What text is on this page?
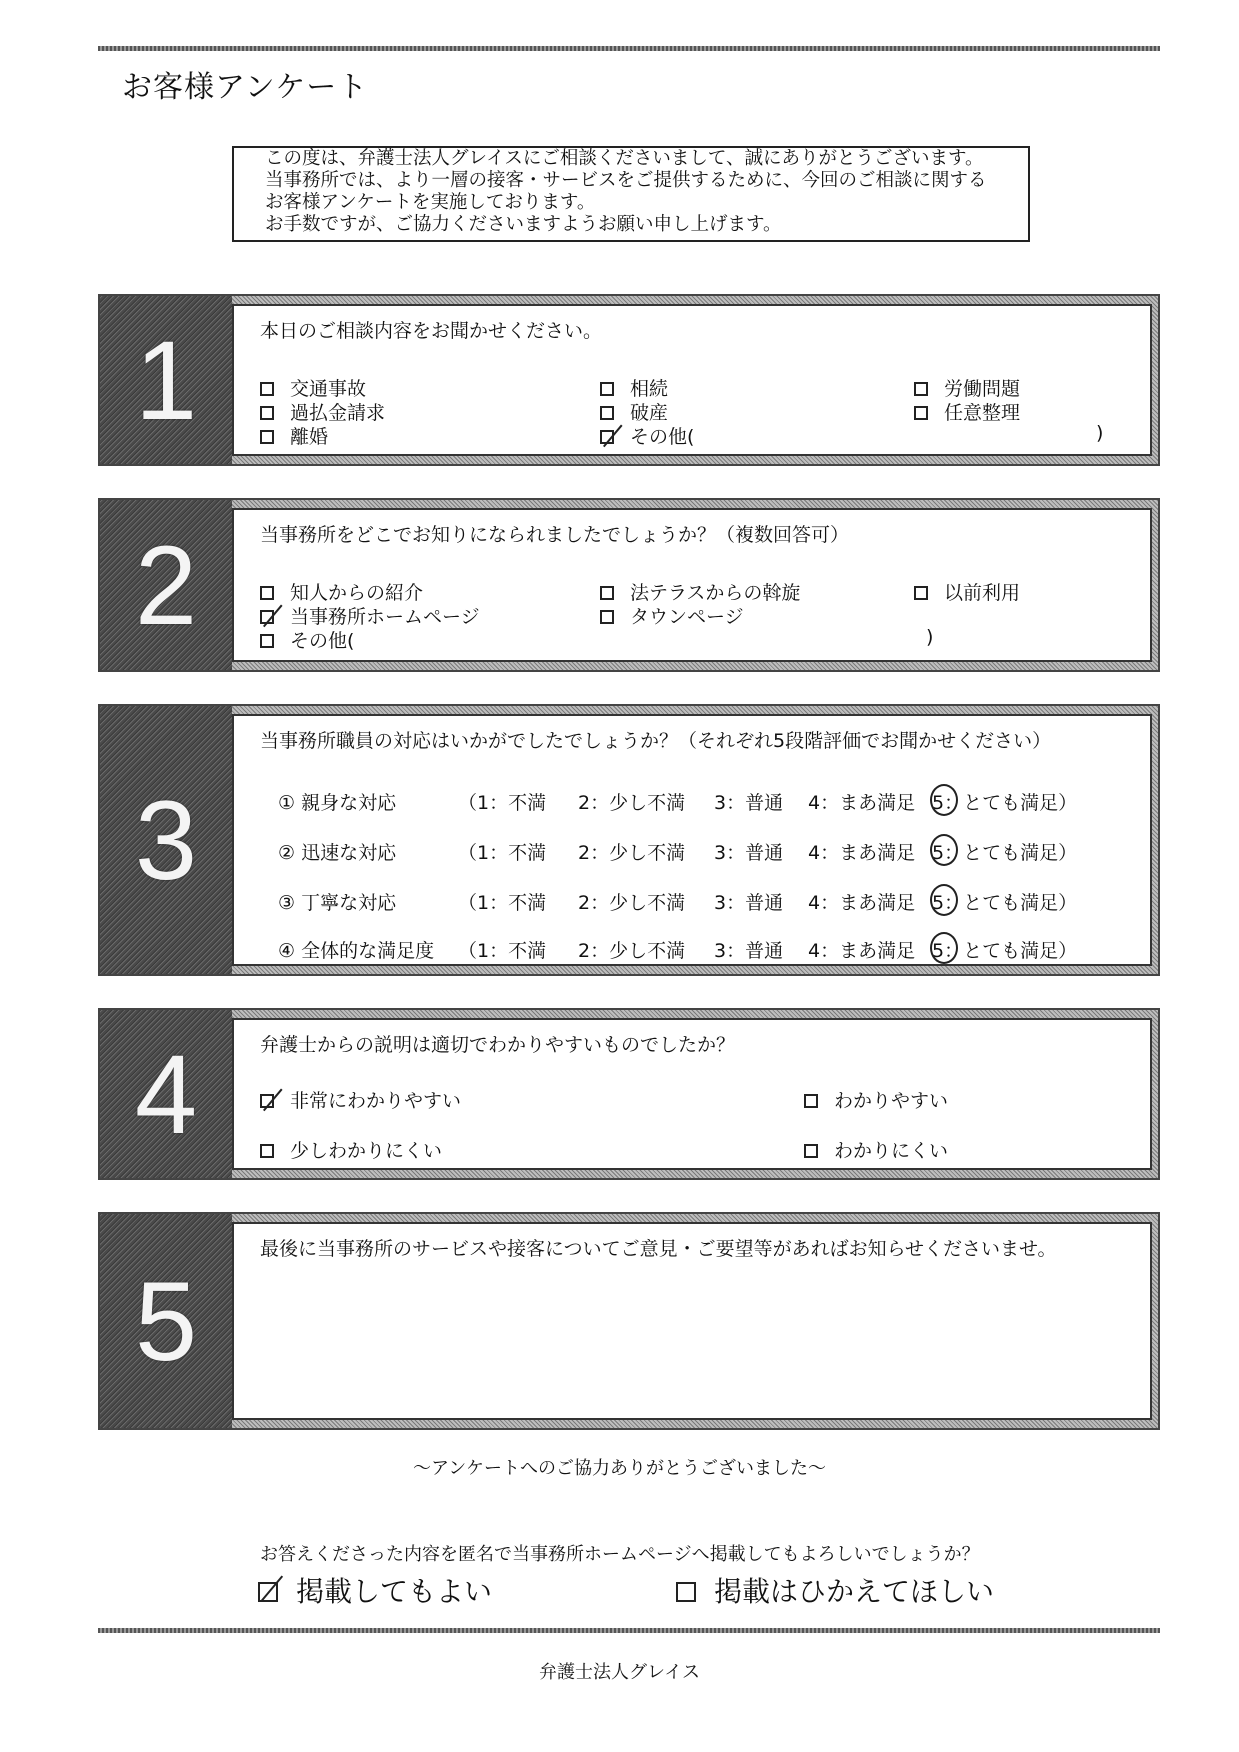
お客様アンケート
この度は、弁護士法人グレイスにご相談くださいまして、誠にありがとうございます。
当事務所では、より一層の接客・サービスをご提供するために、今回のご相談に関する
お客様アンケートを実施しております。
お手数ですが、ご協力くださいますようお願い申し上げます。
1	本日のご相談内容をお聞かせください。
交通事故
過払金請求
離婚
相続
破産
その他(	)
労働問題
任意整理
2	当事務所をどこでお知りになられましたでしょうか？（複数回答可）
知人からの紹介
当事務所ホームページ
その他(	)
法テラスからの斡旋
タウンページ
以前利用
3
当事務所職員の対応はいかがでしたでしょうか？（それぞれ5段階評価でお聞かせください）
① 親身な対応	（1：不満 2：少し不満 3：普通 4：まあ満足 5：とても満足）
② 迅速な対応	（1：不満 2：少し不満 3：普通 4：まあ満足 5：とても満足）
③ 丁寧な対応	（1：不満 2：少し不満 3：普通 4：まあ満足 5：とても満足）
④ 全体的な満足度 （1：不満 2：少し不満 3：普通 4：まあ満足 5：とても満足）
4	弁護士からの説明は適切でわかりやすいものでしたか？
非常にわかりやすい
少しわかりにくい
わかりやすい
わかりにくい
5
最後に当事務所のサービスや接客についてご意見・ご要望等があればお知らせくださいませ。
～アンケートへのご協力ありがとうございました～
お答えくださった内容を匿名で当事務所ホームページへ掲載してもよろしいでしょうか？
掲載してもよい	掲載はひかえてほしい
弁護士法人グレイス
